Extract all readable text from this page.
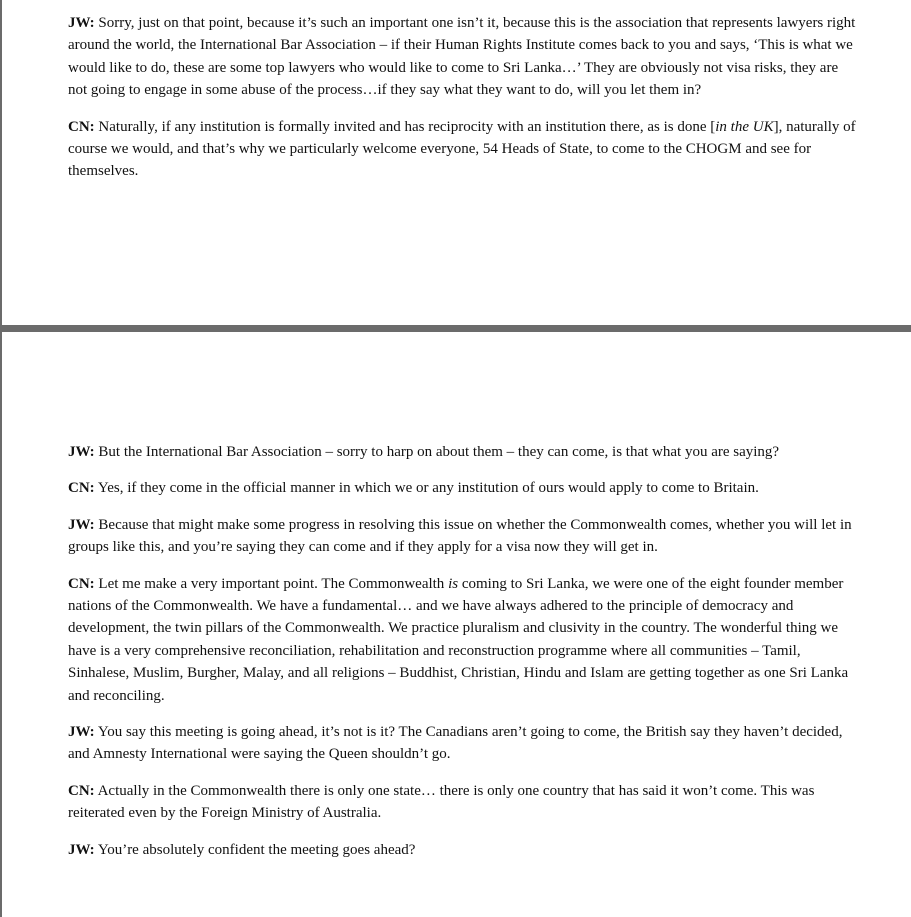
JW: Sorry, just on that point, because it’s such an important one isn’t it, because this is the association that represents lawyers right around the world, the International Bar Association – if their Human Rights Institute comes back to you and says, ‘This is what we would like to do, these are some top lawyers who would like to come to Sri Lanka…’ They are obviously not visa risks, they are not going to engage in some abuse of the process…if they say what they want to do, will you let them in?

CN: Naturally, if any institution is formally invited and has reciprocity with an institution there, as is done [in the UK], naturally of course we would, and that’s why we particularly welcome everyone, 54 Heads of State, to come to the CHOGM and see for themselves.

JW: But the International Bar Association – sorry to harp on about them – they can come, is that what you are saying?

CN: Yes, if they come in the official manner in which we or any institution of ours would apply to come to Britain.

JW: Because that might make some progress in resolving this issue on whether the Commonwealth comes, whether you will let in groups like this, and you’re saying they can come and if they apply for a visa now they will get in.

CN: Let me make a very important point. The Commonwealth is coming to Sri Lanka, we were one of the eight founder member nations of the Commonwealth. We have a fundamental… and we have always adhered to the principle of democracy and development, the twin pillars of the Commonwealth. We practice pluralism and clusivity in the country. The wonderful thing we have is a very comprehensive reconciliation, rehabilitation and reconstruction programme where all communities – Tamil, Sinhalese, Muslim, Burgher, Malay, and all religions – Buddhist, Christian, Hindu and Islam are getting together as one Sri Lanka and reconciling.

JW: You say this meeting is going ahead, it’s not is it? The Canadians aren’t going to come, the British say they haven’t decided, and Amnesty International were saying the Queen shouldn’t go.

CN: Actually in the Commonwealth there is only one state… there is only one country that has said it won’t come. This was reiterated even by the Foreign Ministry of Australia.

JW: You’re absolutely confident the meeting goes ahead?
